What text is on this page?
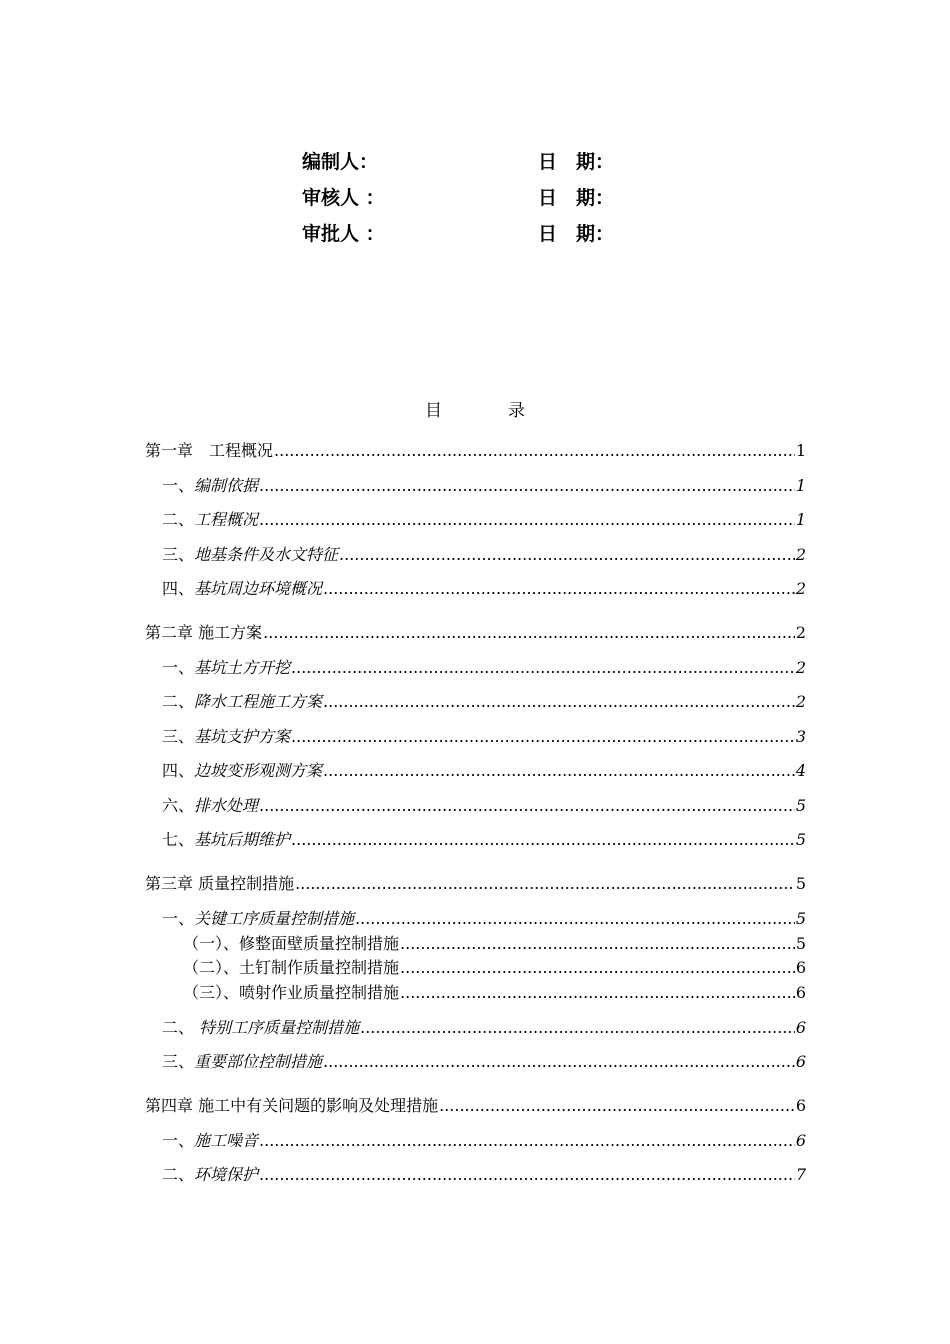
编制人：	日　期：
审核人 ：	日　期：
审批人 ：	日　期：
目	录
第一章　工程概况 .....	1
一、编制依据 .....	1
二、工程概况 .....	1
三、地基条件及水文特征 .....	2
四、基坑周边环境概况 .....	2
第二章 施工方案 .....	2
一、基坑土方开挖 .....	2
二、降水工程施工方案 .....	2
三、基坑支护方案 .....	3
四、边坡变形观测方案 .....	4
六、排水处理 .....	5
七、基坑后期维护 .....	5
第三章 质量控制措施 .....	5
一、关键工序质量控制措施 .....	5
（一）、修整面壁质量控制措施 .....	5
（二）、土钉制作质量控制措施 .....	6
（三）、喷射作业质量控制措施 .....	6
二、 特别工序质量控制措施 .....	6
三、重要部位控制措施 .....	6
第四章 施工中有关问题的影响及处理措施 .....	6
一、施工噪音 .....	6
二、环境保护 .....	7
